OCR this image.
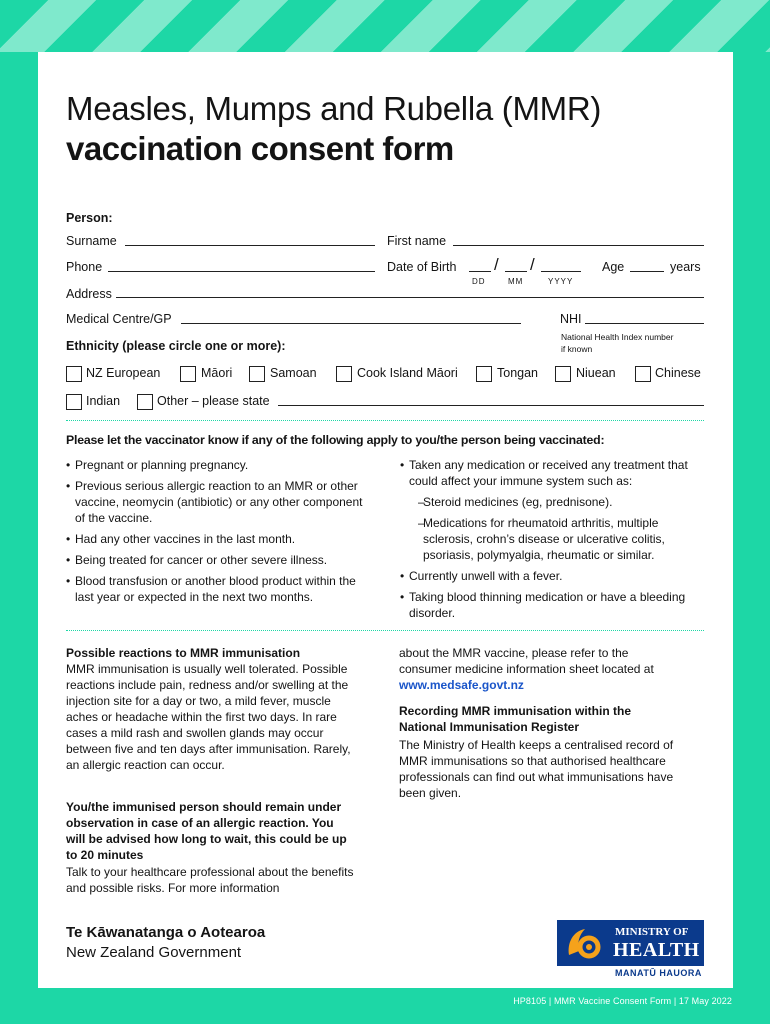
Measles, Mumps and Rubella (MMR)
vaccination consent form
Person:
Surname	First name
Phone	Date of Birth / /
DD	MM	YYYY
Age	years
Address
Medical Centre/GP	NHI
National Health Index number
if known
Ethnicity (please circle one or more):
NZ European	Māori	Samoan	Cook Island Māori	Tongan	Niuean	Chinese
Indian	Other – please state
Please let the vaccinator know if any of the following apply to you/the person being vaccinated:
• Pregnant or planning pregnancy.
• Previous serious allergic reaction to an MMR or other vaccine, neomycin (antibiotic) or any other component of the vaccine.
• Had any other vaccines in the last month.
• Being treated for cancer or other severe illness.
• Blood transfusion or another blood product within the last year or expected in the next two months.
• Taken any medication or received any treatment that could affect your immune system such as:
– Steroid medicines (eg, prednisone).
– Medications for rheumatoid arthritis, multiple sclerosis, crohn’s disease or ulcerative colitis, psoriasis, polymyalgia, rheumatic or similar.
• Currently unwell with a fever.
• Taking blood thinning medication or have a bleeding disorder.
Possible reactions to MMR immunisation
MMR immunisation is usually well tolerated. Possible reactions include pain, redness and/or swelling at the injection site for a day or two, a mild fever, muscle aches or headache within the first two days. In rare cases a mild rash and swollen glands may occur between five and ten days after immunisation. Rarely, an allergic reaction can occur.
You/the immunised person should remain under observation in case of an allergic reaction. You will be advised how long to wait, this could be up to 20 minutes
Talk to your healthcare professional about the benefits and possible risks. For more information
about the MMR vaccine, please refer to the consumer medicine information sheet located at www.medsafe.govt.nz
Recording MMR immunisation within the National Immunisation Register
The Ministry of Health keeps a centralised record of MMR immunisations so that authorised healthcare professionals can find out what immunisations have been given.
Te Kāwanatanga o Aotearoa
New Zealand Government
MINISTRY OF
HEALTH
MANATŪ HAUORA
HP8105 | MMR Vaccine Consent Form | 17 May 2022
